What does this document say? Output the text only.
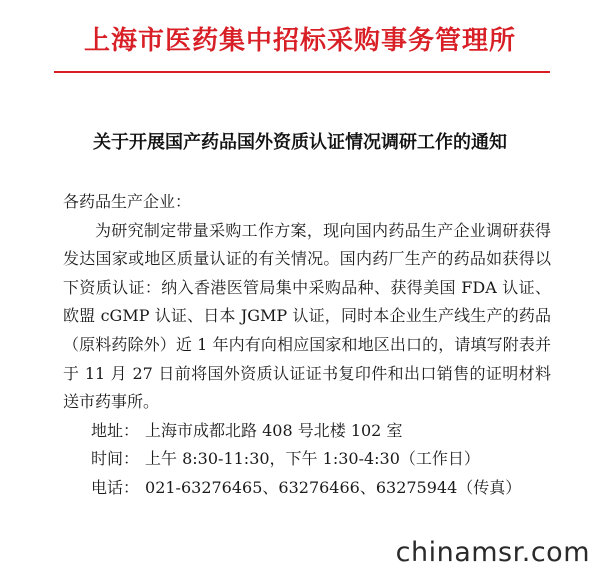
上海市医药集中招标采购事务管理所
关于开展国产药品国外资质认证情况调研工作的通知

各药品生产企业：

为研究制定带量采购工作方案，现向国内药品生产企业调研获得发达国家或地区质量认证的有关情况。国内药厂生产的药品如获得以下资质认证：纳入香港医管局集中采购品种、获得美国 FDA 认证、欧盟 cGMP 认证、日本 JGMP 认证，同时本企业生产线生产的药品（原料药除外）近 1 年内有向相应国家和地区出口的，请填写附表并于 11 月 27 日前将国外资质认证证书复印件和出口销售的证明材料送市药事所。

地址： 上海市成都北路 408 号北楼 102 室

时间： 上午 8:30-11:30，下午 1:30-4:30（工作日）

电话： 021-63276465、63276466、63275944（传真）

chinamsr.com
